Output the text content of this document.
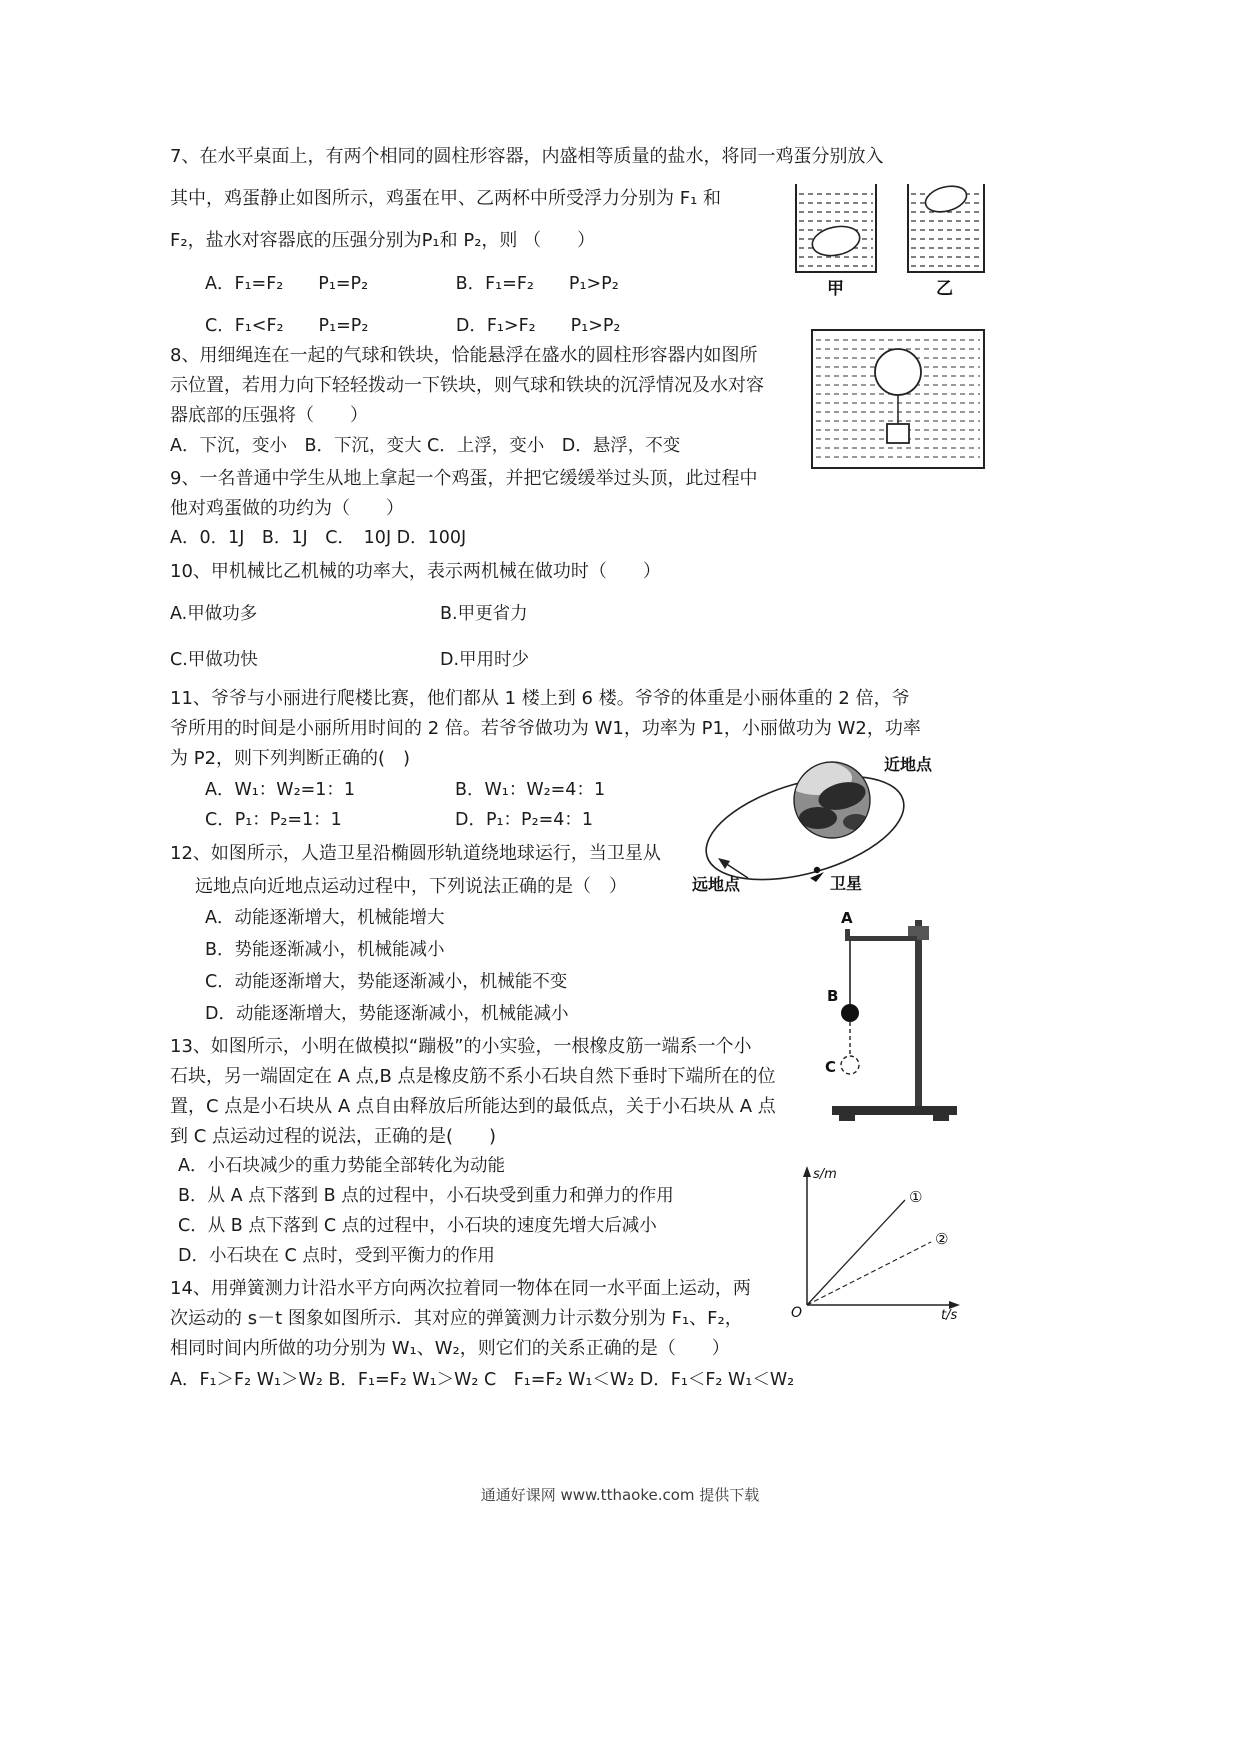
7、在水平桌面上，有两个相同的圆柱形容器，内盛相等质量的盐水，将同一鸡蛋分别放入
其中，鸡蛋静止如图所示，鸡蛋在甲、乙两杯中所受浮力分别为 F₁ 和
F₂，盐水对容器底的压强分别为P₁和 P₂，则 （　　）
A．F₁=F₂　　P₁=P₂　　　　　B．F₁=F₂　　P₁>P₂
C．F₁<F₂　　P₁=P₂　　　　　D．F₁>F₂　　P₁>P₂
甲	乙
8、用细绳连在一起的气球和铁块，恰能悬浮在盛水的圆柱形容器内如图所
示位置，若用力向下轻轻拨动一下铁块，则气球和铁块的沉浮情况及水对容
器底部的压强将（　　）
A．下沉，变小　B．下沉，变大 C．上浮，变小　D．悬浮，不变
9、一名普通中学生从地上拿起一个鸡蛋，并把它缓缓举过头顶，此过程中
他对鸡蛋做的功约为（　　）
A．0．1J　B．1J　C．　10J D．100J
10、甲机械比乙机械的功率大，表示两机械在做功时（　　）
A.甲做功多	B.甲更省力
C.甲做功快	D.甲用时少
11、爷爷与小丽进行爬楼比赛，他们都从 1 楼上到 6 楼。爷爷的体重是小丽体重的 2 倍，爷
爷所用的时间是小丽所用时间的 2 倍。若爷爷做功为 W1，功率为 P1，小丽做功为 W2，功率
为 P2，则下列判断正确的(　)
A．W₁：W₂=1：1	B．W₁：W₂=4：1
C．P₁：P₂=1：1	D．P₁：P₂=4：1
12、如图所示，人造卫星沿椭圆形轨道绕地球运行，当卫星从
远地点向近地点运动过程中，下列说法正确的是（　）
A．动能逐渐增大，机械能增大
B．势能逐渐减小，机械能减小
C．动能逐渐增大，势能逐渐减小，机械能不变
D．动能逐渐增大，势能逐渐减小，机械能减小
近地点
远地点	卫星
13、如图所示，小明在做模拟“蹦极”的小实验，一根橡皮筋一端系一个小
石块，另一端固定在 A 点,B 点是橡皮筋不系小石块自然下垂时下端所在的位
置，C 点是小石块从 A 点自由释放后所能达到的最低点，关于小石块从 A 点
到 C 点运动过程的说法，正确的是(　　)
A．小石块减少的重力势能全部转化为动能
B．从 A 点下落到 B 点的过程中，小石块受到重力和弹力的作用
C．从 B 点下落到 C 点的过程中，小石块的速度先增大后减小
D．小石块在 C 点时，受到平衡力的作用
A
B
C
14、用弹簧测力计沿水平方向两次拉着同一物体在同一水平面上运动，两
次运动的 s－t 图象如图所示．其对应的弹簧测力计示数分别为 F₁、F₂，
相同时间内所做的功分别为 W₁、W₂，则它们的关系正确的是（　　）
A．F₁＞F₂ W₁＞W₂ B．F₁=F₂ W₁＞W₂ C　F₁=F₂ W₁＜W₂ D．F₁＜F₂ W₁＜W₂
s/m
t/s
O
①
②
通通好课网 www.tthaoke.com 提供下载
